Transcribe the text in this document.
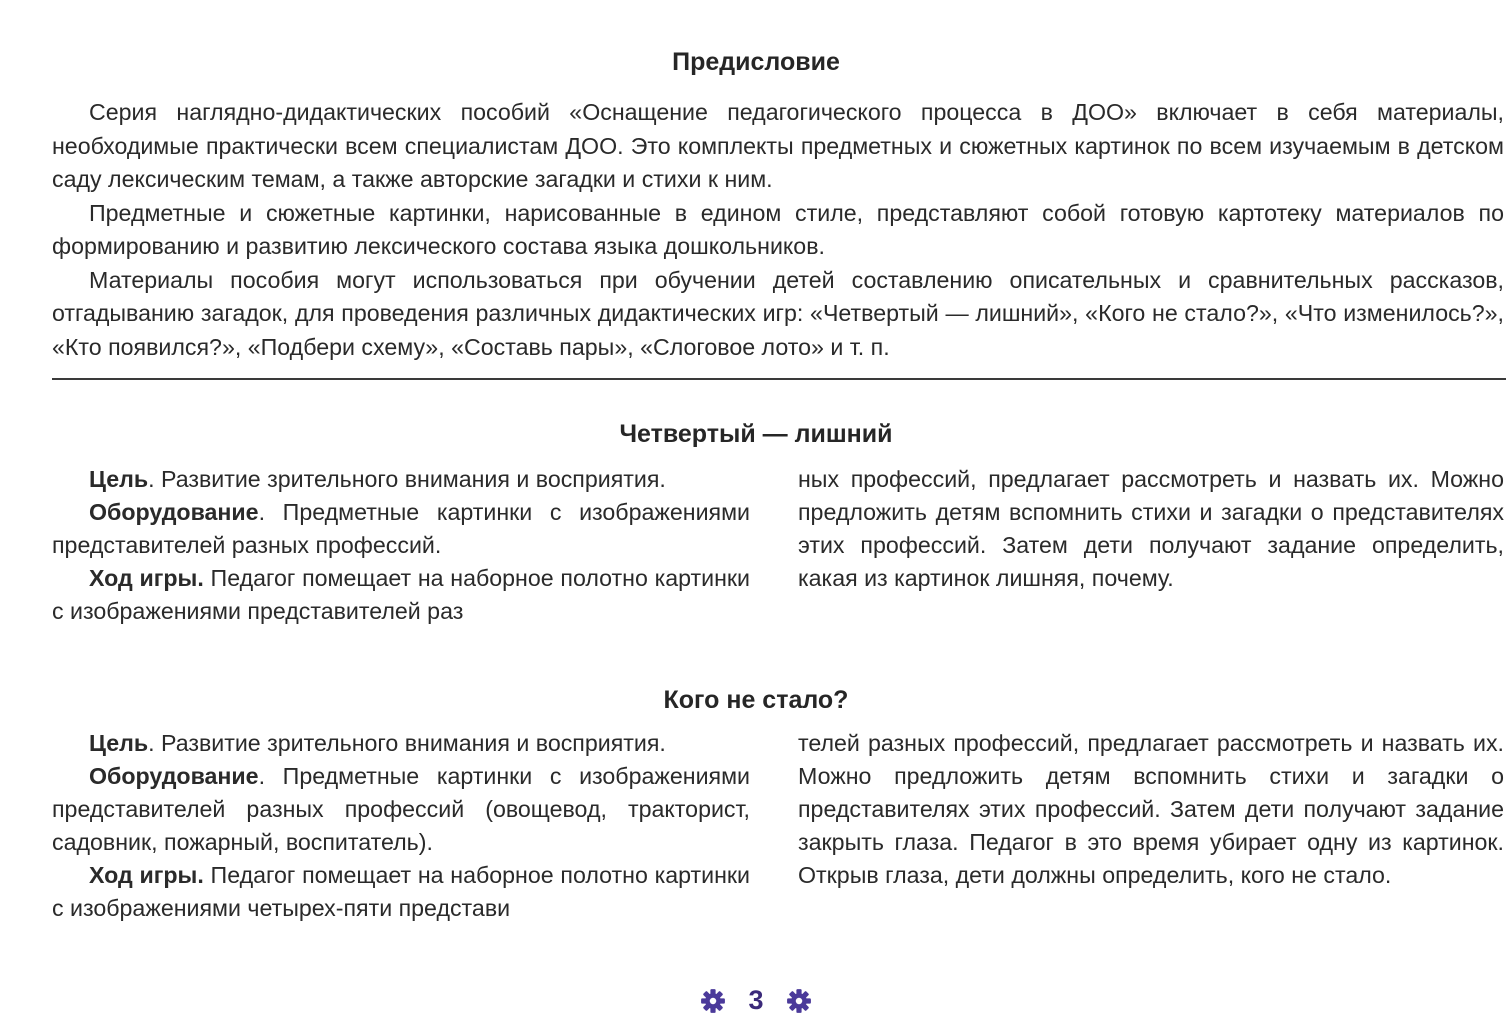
Предисловие

Серия наглядно-дидактических пособий «Оснащение педагогического процесса в ДОО» включает в себя материалы, необходимые практически всем специалистам ДОО. Это комплекты предметных и сюжетных картинок по всем изучаемым в детском саду лексическим темам, а также авторские загадки и стихи к ним.

Предметные и сюжетные картинки, нарисованные в едином стиле, представляют собой готовую картотеку материалов по формированию и развитию лексического состава языка дошкольников.

Материалы пособия могут использоваться при обучении детей составлению описательных и сравнительных рассказов, отгадыванию загадок, для проведения различных дидактических игр: «Четвертый — лишний», «Кого не стало?», «Что изменилось?», «Кто появился?», «Подбери схему», «Составь пары», «Слоговое лото» и т. п.

Четвертый — лишний

Цель. Развитие зрительного внимания и восприятия.

Оборудование. Предметные картинки с изображениями представителей разных профессий.

Ход игры. Педагог помещает на наборное полотно картинки с изображениями представителей раз

ных профессий, предлагает рассмотреть и назвать их. Можно предложить детям вспомнить стихи и загадки о представителях этих профессий. Затем дети получают задание определить, какая из картинок лишняя, почему.

Кого не стало?

Цель. Развитие зрительного внимания и восприятия.

Оборудование. Предметные картинки с изображениями представителей разных профессий (овощевод, тракторист, садовник, пожарный, воспитатель).

Ход игры. Педагог помещает на наборное полотно картинки с изображениями четырех-пяти представи

телей разных профессий, предлагает рассмотреть и назвать их. Можно предложить детям вспомнить стихи и загадки о представителях этих профессий. Затем дети получают задание закрыть глаза. Педагог в это время убирает одну из картинок. Открыв глаза, дети должны определить, кого не стало.

3
